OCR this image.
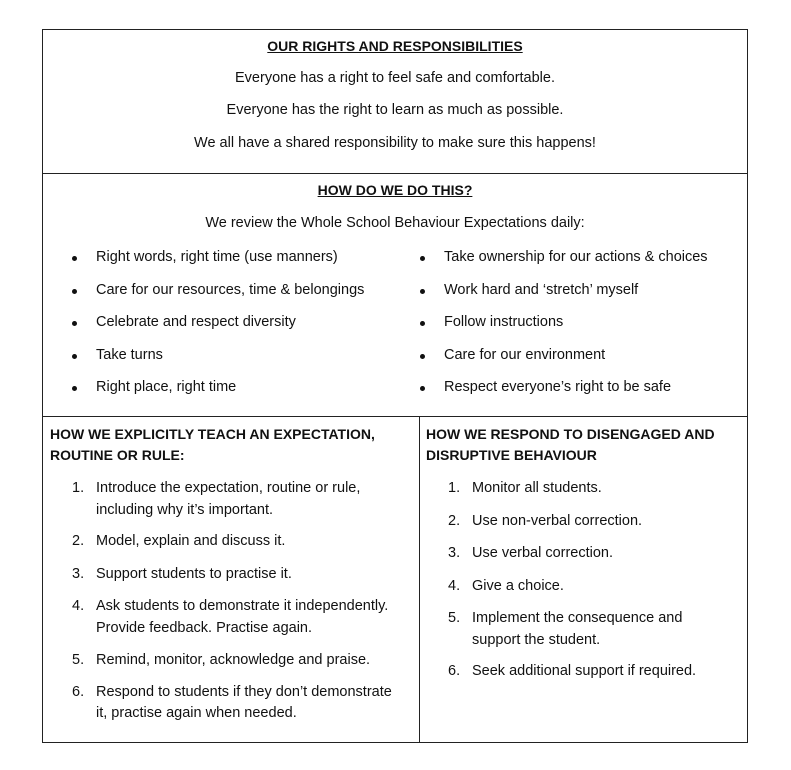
OUR RIGHTS AND RESPONSIBILITIES
Everyone has a right to feel safe and comfortable.
Everyone has the right to learn as much as possible.
We all have a shared responsibility to make sure this happens!
HOW DO WE DO THIS?
We review the Whole School Behaviour Expectations daily:
Right words, right time (use manners)
Care for our resources, time & belongings
Celebrate and respect diversity
Take turns
Right place, right time
Take ownership for our actions & choices
Work hard and ‘stretch’ myself
Follow instructions
Care for our environment
Respect everyone’s right to be safe
HOW WE EXPLICITLY TEACH AN EXPECTATION,
ROUTINE OR RULE:
1. Introduce the expectation, routine or rule,
including why it’s important.
2. Model, explain and discuss it.
3. Support students to practise it.
4. Ask students to demonstrate it independently.
Provide feedback. Practise again.
5. Remind, monitor, acknowledge and praise.
6. Respond to students if they don’t demonstrate
it, practise again when needed.
HOW WE RESPOND TO DISENGAGED AND
DISRUPTIVE BEHAVIOUR
1. Monitor all students.
2. Use non-verbal correction.
3. Use verbal correction.
4. Give a choice.
5. Implement the consequence and
support the student.
6. Seek additional support if required.
